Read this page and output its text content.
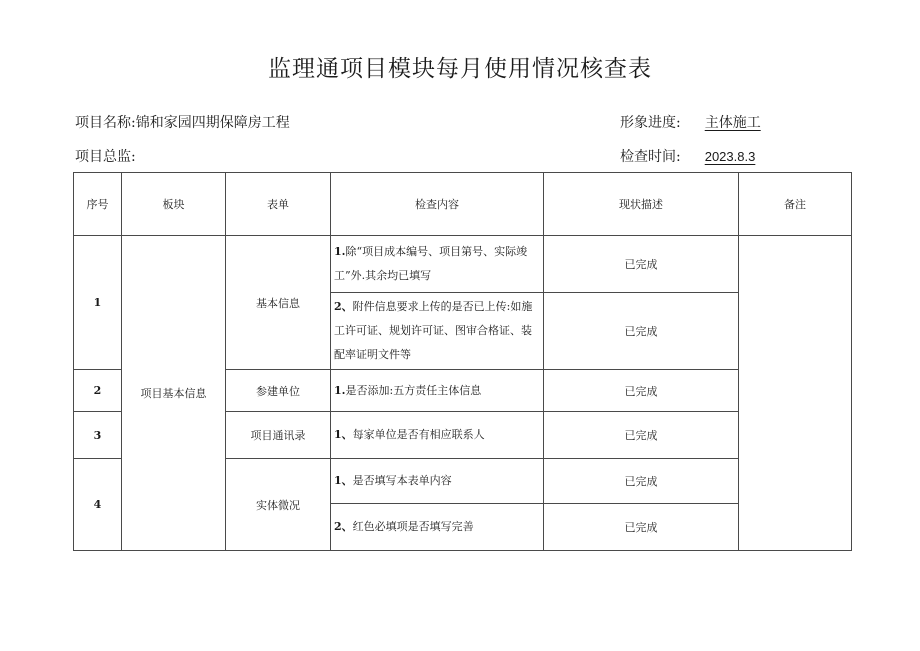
监理通项目模块每月使用情况核查表
项目名称:锦和家园四期保障房工程	形象进度: 主体施工
项目总监:	检查时间: 2023.8.3
序号	板块	表单	检查内容	现状描述	备注
1	项目基本信息	基本信息	1.除“项目成本编号、项目第号、实际竣工”外.其余均已填写	已完成	
			2、附件信息要求上传的是否已上传:如施工许可证、规划许可证、图审合格证、装配率证明文件等	已完成	
2		参建单位	1.是否添加:五方责任主体信息	已完成	
3		项目通讯录	1、每家单位是否有相应联系人	已完成	
4		实体微况	1、是否填写本表单内容	已完成	
			2、红色必填项是否填写完善	已完成	
